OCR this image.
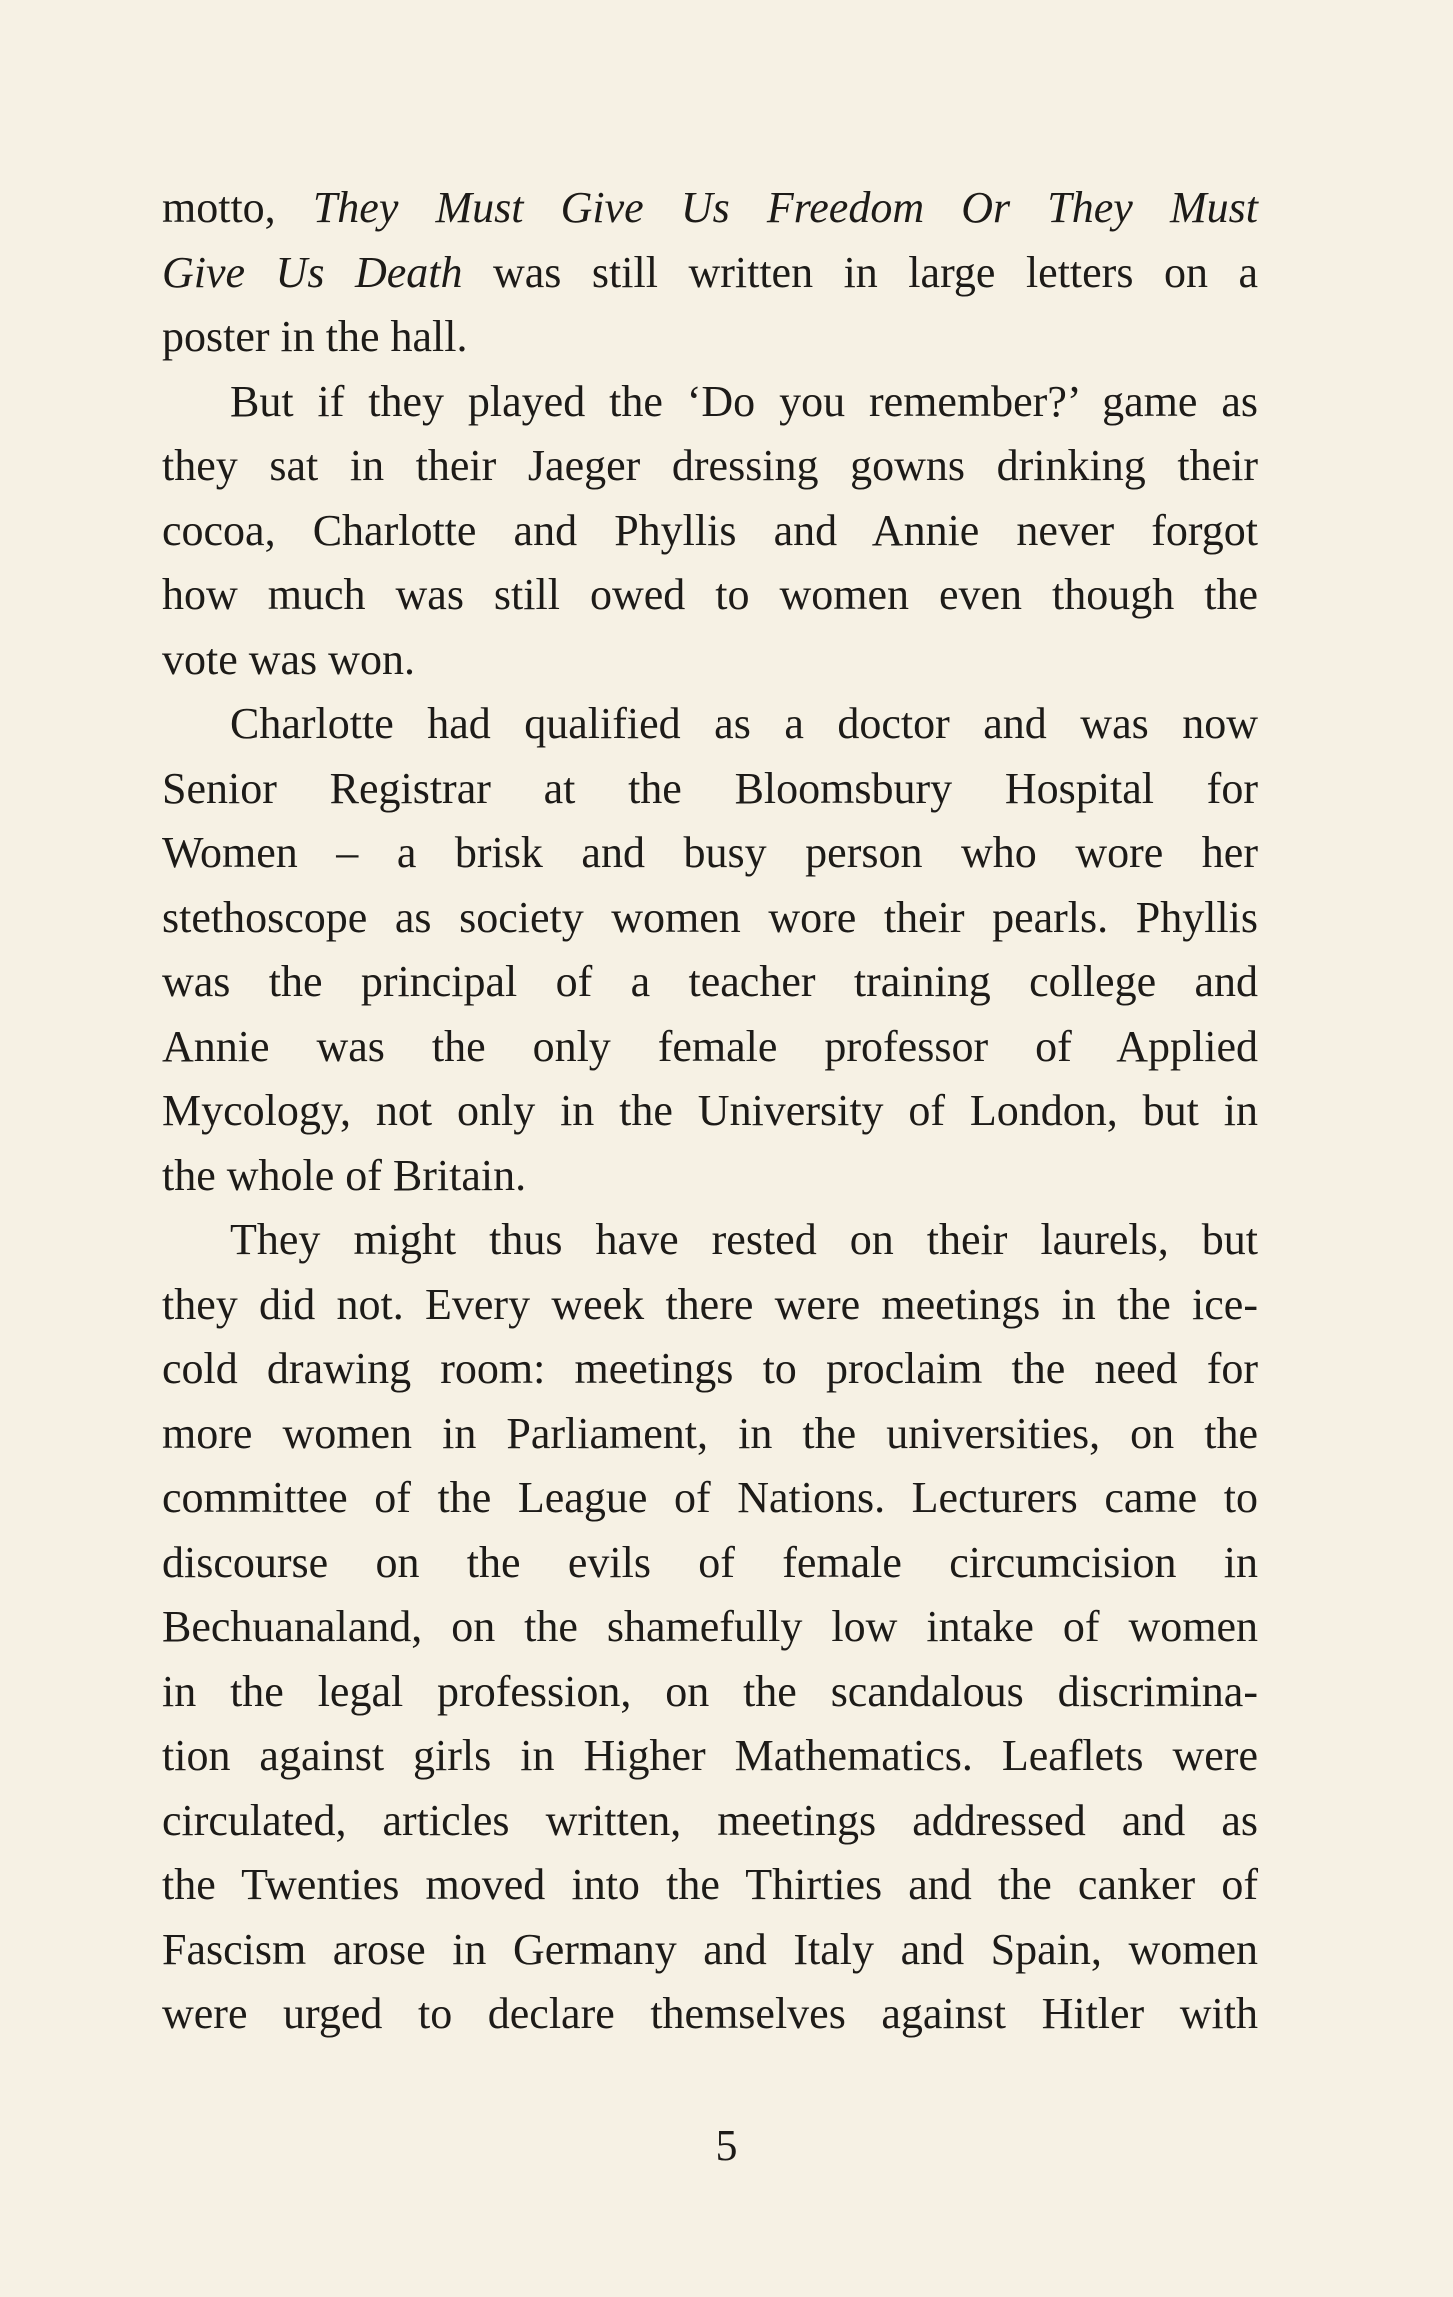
motto, They Must Give Us Freedom Or They Must
Give Us Death was still written in large letters on a
poster in the hall.
But if they played the ‘Do you remember?’ game as
they sat in their Jaeger dressing gowns drinking their
cocoa, Charlotte and Phyllis and Annie never forgot
how much was still owed to women even though the
vote was won.
Charlotte had qualified as a doctor and was now
Senior Registrar at the Bloomsbury Hospital for
Women – a brisk and busy person who wore her
stethoscope as society women wore their pearls. Phyllis
was the principal of a teacher training college and
Annie was the only female professor of Applied
Mycology, not only in the University of London, but in
the whole of Britain.
They might thus have rested on their laurels, but
they did not. Every week there were meetings in the ice-
cold drawing room: meetings to proclaim the need for
more women in Parliament, in the universities, on the
committee of the League of Nations. Lecturers came to
discourse on the evils of female circumcision in
Bechuanaland, on the shamefully low intake of women
in the legal profession, on the scandalous discrimina-
tion against girls in Higher Mathematics. Leaflets were
circulated, articles written, meetings addressed and as
the Twenties moved into the Thirties and the canker of
Fascism arose in Germany and Italy and Spain, women
were urged to declare themselves against Hitler with
5
